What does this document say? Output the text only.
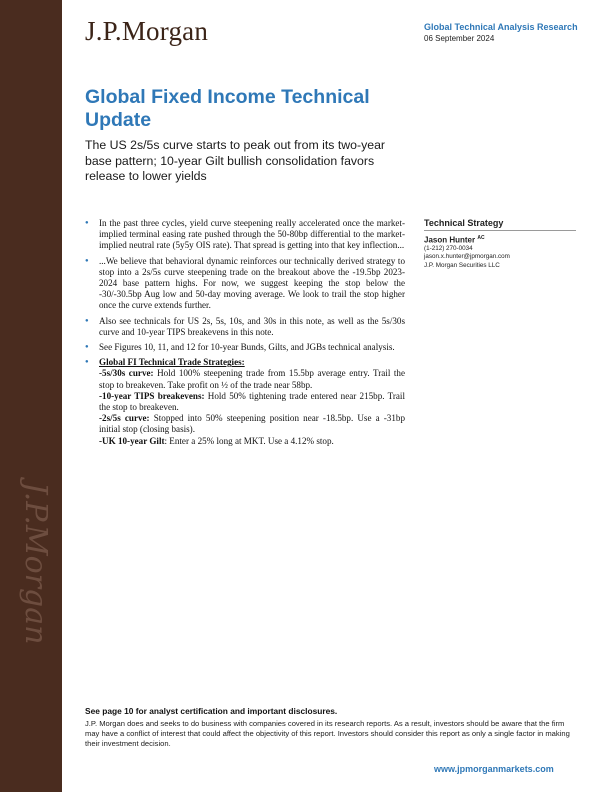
J.P.Morgan
J.P.Morgan	Global Technical Analysis Research
06 September 2024
Global Fixed Income Technical Update
The US 2s/5s curve starts to peak out from its two-year base pattern; 10-year Gilt bullish consolidation favors release to lower yields
● In the past three cycles, yield curve steepening really accelerated once the market-implied terminal easing rate pushed through the 50-80bp differential to the market-implied neutral rate (5y5y OIS rate). That spread is getting into that key inflection...
● ...We believe that behavioral dynamic reinforces our technically derived strategy to stop into a 2s/5s curve steepening trade on the breakout above the -19.5bp 2023-2024 base pattern highs. For now, we suggest keeping the stop below the -30/-30.5bp Aug low and 50-day moving average. We look to trail the stop higher once the curve extends further.
● Also see technicals for US 2s, 5s, 10s, and 30s in this note, as well as the 5s/30s curve and 10-year TIPS breakevens in this note.
● See Figures 10, 11, and 12 for 10-year Bunds, Gilts, and JGBs technical analysis.
● Global FI Technical Trade Strategies:
-5s/30s curve: Hold 100% steepening trade from 15.5bp average entry. Trail the stop to breakeven. Take profit on ½ of the trade near 58bp.
-10-year TIPS breakevens: Hold 50% tightening trade entered near 215bp. Trail the stop to breakeven.
-2s/5s curve: Stopped into 50% steepening position near -18.5bp. Use a -31bp initial stop (closing basis).
-UK 10-year Gilt: Enter a 25% long at MKT. Use a 4.12% stop.
Technical Strategy
Jason Hunter $^{AC}$
(1-212) 270-0034
jason.x.hunter@jpmorgan.com
J.P. Morgan Securities LLC
See page 10 for analyst certification and important disclosures.
J.P. Morgan does and seeks to do business with companies covered in its research reports. As a result, investors should be aware that the firm may have a conflict of interest that could affect the objectivity of this report. Investors should consider this report as only a single factor in making their investment decision.
www.jpmorganmarkets.com
